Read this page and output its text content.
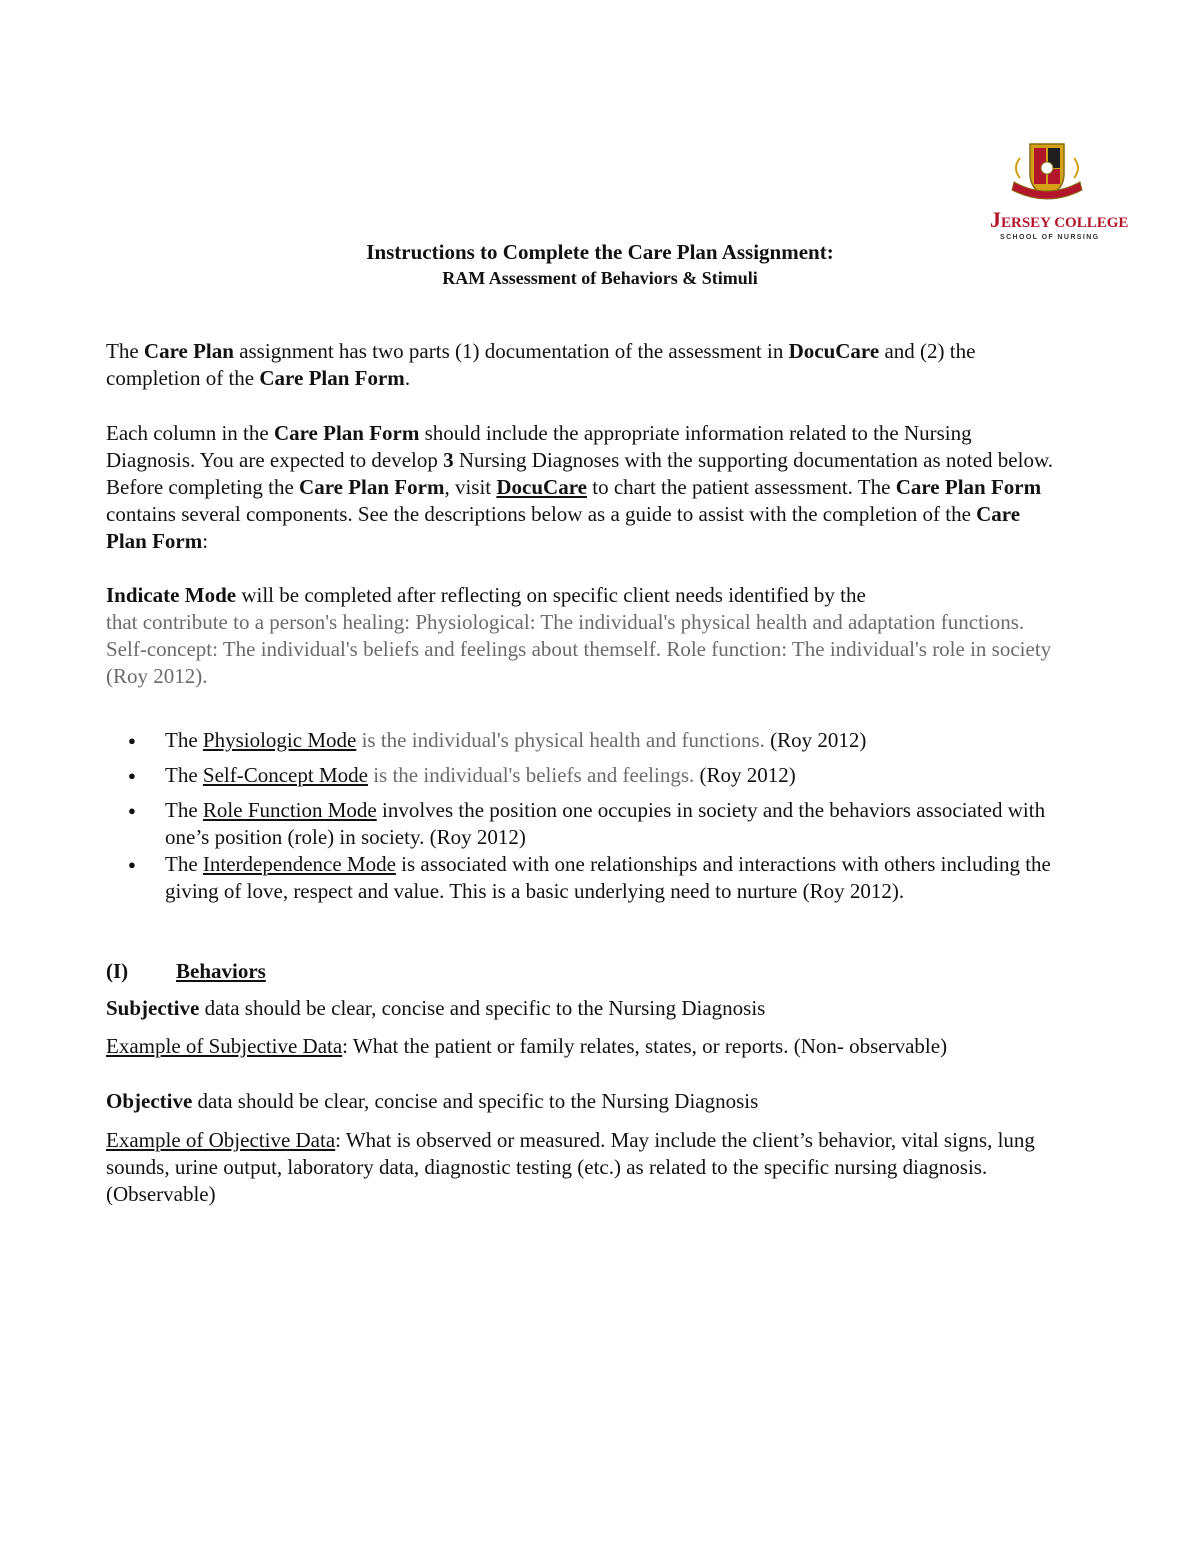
JERSEY COLLEGE
SCHOOL OF NURSING
Instructions to Complete the Care Plan Assignment:
RAM Assessment of Behaviors & Stimuli

The Care Plan assignment has two parts (1) documentation of the assessment in DocuCare and (2) the completion of the Care Plan Form.

Each column in the Care Plan Form should include the appropriate information related to the Nursing Diagnosis. You are expected to develop 3 Nursing Diagnoses with the supporting documentation as noted below. Before completing the Care Plan Form, visit DocuCare to chart the patient assessment. The Care Plan Form contains several components. See the descriptions below as a guide to assist with the completion of the Care Plan Form:

Indicate Mode will be completed after reflecting on specific client needs identified by the
that contribute to a person's healing: Physiological: The individual's physical health and adaptation functions. Self-concept: The individual's beliefs and feelings about themself. Role function: The individual's role in society (Roy 2012).

● The Physiologic Mode is the individual's physical health and functions. (Roy 2012)
● The Self-Concept Mode is the individual's beliefs and feelings. (Roy 2012)
● The Role Function Mode involves the position one occupies in society and the behaviors associated with one’s position (role) in society. (Roy 2012)
● The Interdependence Mode is associated with one relationships and interactions with others including the giving of love, respect and value. This is a basic underlying need to nurture (Roy 2012).
(I) Behaviors

Subjective data should be clear, concise and specific to the Nursing Diagnosis

Example of Subjective Data: What the patient or family relates, states, or reports. (Non- observable)

Objective data should be clear, concise and specific to the Nursing Diagnosis

Example of Objective Data: What is observed or measured. May include the client’s behavior, vital signs, lung sounds, urine output, laboratory data, diagnostic testing (etc.) as related to the specific nursing diagnosis. (Observable)
